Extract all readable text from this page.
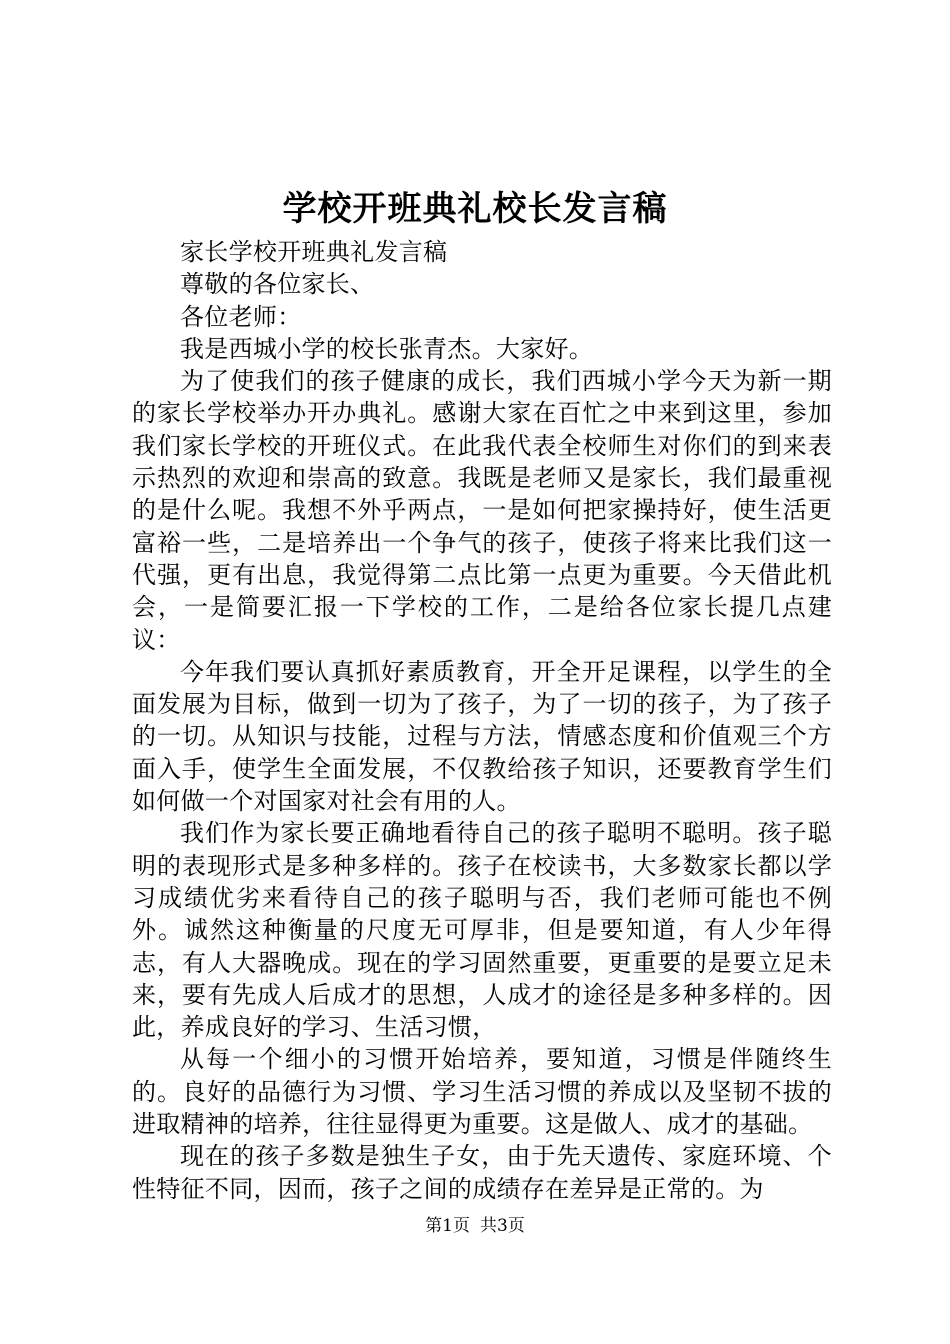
学校开班典礼校长发言稿

家长学校开班典礼发言稿

尊敬的各位家长、

各位老师：

我是西城小学的校长张青杰。大家好。

为了使我们的孩子健康的成长，我们西城小学今天为新一期的家长学校举办开办典礼。感谢大家在百忙之中来到这里，参加我们家长学校的开班仪式。在此我代表全校师生对你们的到来表示热烈的欢迎和崇高的致意。我既是老师又是家长，我们最重视的是什么呢。我想不外乎两点，一是如何把家操持好，使生活更富裕一些，二是培养出一个争气的孩子，使孩子将来比我们这一代强，更有出息，我觉得第二点比第一点更为重要。今天借此机会，一是简要汇报一下学校的工作，二是给各位家长提几点建议：

今年我们要认真抓好素质教育，开全开足课程，以学生的全面发展为目标，做到一切为了孩子，为了一切的孩子，为了孩子的一切。从知识与技能，过程与方法，情感态度和价值观三个方面入手，使学生全面发展，不仅教给孩子知识，还要教育学生们如何做一个对国家对社会有用的人。

我们作为家长要正确地看待自己的孩子聪明不聪明。孩子聪明的表现形式是多种多样的。孩子在校读书，大多数家长都以学习成绩优劣来看待自己的孩子聪明与否，我们老师可能也不例外。诚然这种衡量的尺度无可厚非，但是要知道，有人少年得志，有人大器晚成。现在的学习固然重要，更重要的是要立足未来，要有先成人后成才的思想，人成才的途径是多种多样的。因此，养成良好的学习、生活习惯，

从每一个细小的习惯开始培养，要知道，习惯是伴随终生的。良好的品德行为习惯、学习生活习惯的养成以及坚韧不拔的进取精神的培养，往往显得更为重要。这是做人、成才的基础。

现在的孩子多数是独生子女，由于先天遗传、家庭环境、个性特征不同，因而，孩子之间的成绩存在差异是正常的。为

第1页 共3页
